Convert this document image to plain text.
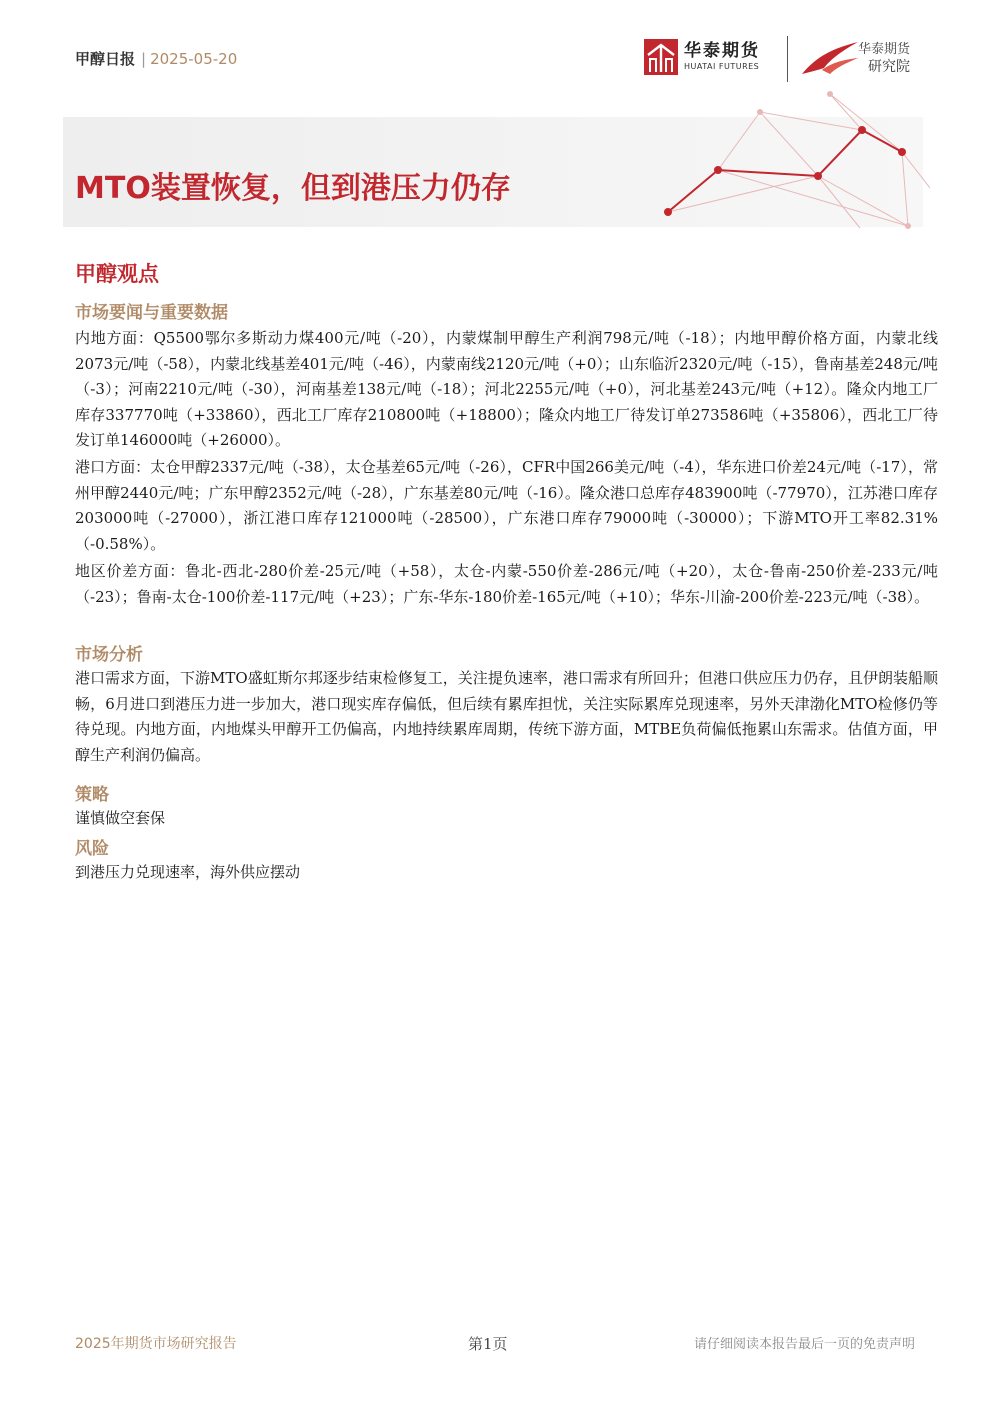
甲醇日报 | 2025-05-20	华泰期货
HUATAI FUTURES
华泰期货
研究院
MTO装置恢复，但到港压力仍存
甲醇观点
市场要闻与重要数据
内地方面：Q5500鄂尔多斯动力煤400元/吨（-20），内蒙煤制甲醇生产利润798元/吨（-18）；内地甲醇价格方面，内蒙北线2073元/吨（-58），内蒙北线基差401元/吨（-46），内蒙南线2120元/吨（+0）；山东临沂2320元/吨（-15），鲁南基差248元/吨（-3）；河南2210元/吨（-30），河南基差138元/吨（-18）；河北2255元/吨（+0），河北基差243元/吨（+12）。隆众内地工厂库存337770吨（+33860），西北工厂库存210800吨（+18800）；隆众内地工厂待发订单273586吨（+35806），西北工厂待发订单146000吨（+26000）。
港口方面：太仓甲醇2337元/吨（-38），太仓基差65元/吨（-26），CFR中国266美元/吨（-4），华东进口价差24元/吨（-17），常州甲醇2440元/吨；广东甲醇2352元/吨（-28），广东基差80元/吨（-16）。隆众港口总库存483900吨（-77970），江苏港口库存203000吨（-27000），浙江港口库存121000吨（-28500），广东港口库存79000吨（-30000）；下游MTO开工率82.31%（-0.58%）。
地区价差方面：鲁北-西北-280价差-25元/吨（+58），太仓-内蒙-550价差-286元/吨（+20），太仓-鲁南-250价差-233元/吨（-23）；鲁南-太仓-100价差-117元/吨（+23）；广东-华东-180价差-165元/吨（+10）；华东-川渝-200价差-223元/吨（-38）。
市场分析
港口需求方面，下游MTO盛虹斯尔邦逐步结束检修复工，关注提负速率，港口需求有所回升；但港口供应压力仍存，且伊朗装船顺畅，6月进口到港压力进一步加大，港口现实库存偏低，但后续有累库担忧，关注实际累库兑现速率，另外天津渤化MTO检修仍等待兑现。内地方面，内地煤头甲醇开工仍偏高，内地持续累库周期，传统下游方面，MTBE负荷偏低拖累山东需求。估值方面，甲醇生产利润仍偏高。
策略
谨慎做空套保
风险
到港压力兑现速率，海外供应摆动
2025年期货市场研究报告	第1页	请仔细阅读本报告最后一页的免责声明
